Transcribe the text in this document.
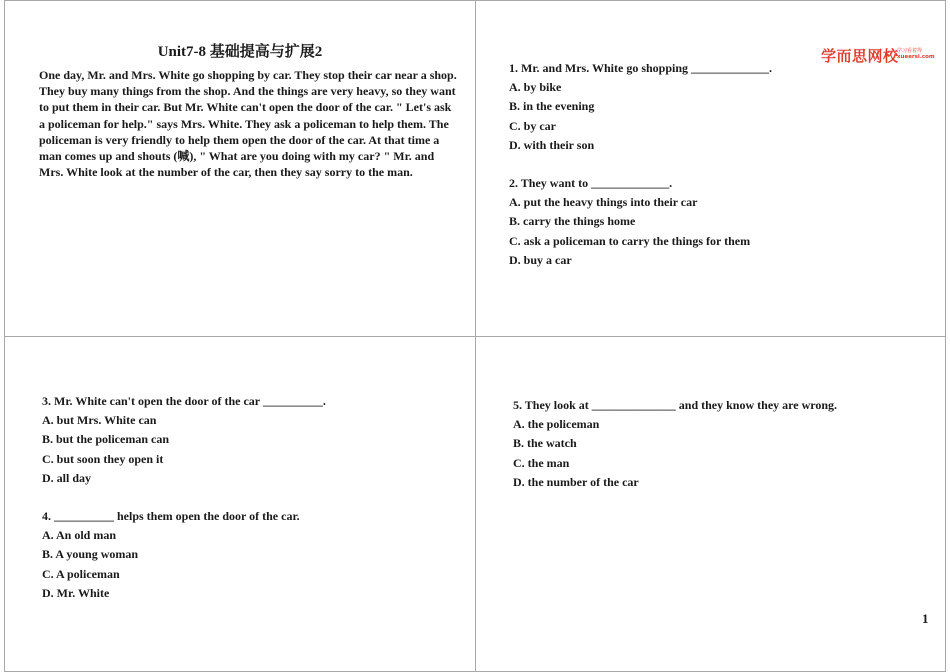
Unit7-8 基础提高与扩展2
One day, Mr. and Mrs. White go shopping by car. They stop their car near a shop. They buy many things from the shop. And the things are very heavy, so they want to put them in their car. But Mr. White can't open the door of the car. " Let's ask a policeman for help." says Mrs. White. They ask a policeman to help them. The policeman is very friendly to help them open the door of the car. At that time a man comes up and shouts (喊), " What are you doing with my car? " Mr. and Mrs. White look at the number of the car, then they say sorry to the man.
学而思网校
学习看着得
xueersi.com
1. Mr. and Mrs. White go shopping _____________.
A. by bike
B. in the evening
C. by car
D. with their son
2. They want to _____________.
A. put the heavy things into their car
B. carry the things home
C. ask a policeman to carry the things for them
D. buy a car
3. Mr. White can't open the door of the car __________.
A. but Mrs. White can
B. but the policeman can
C. but soon they open it
D. all day
4. __________ helps them open the door of the car.
A. An old man
B. A young woman
C. A policeman
D. Mr. White
5. They look at ______________ and they know they are wrong.
A. the policeman
B. the watch
C. the man
D. the number of the car
1
